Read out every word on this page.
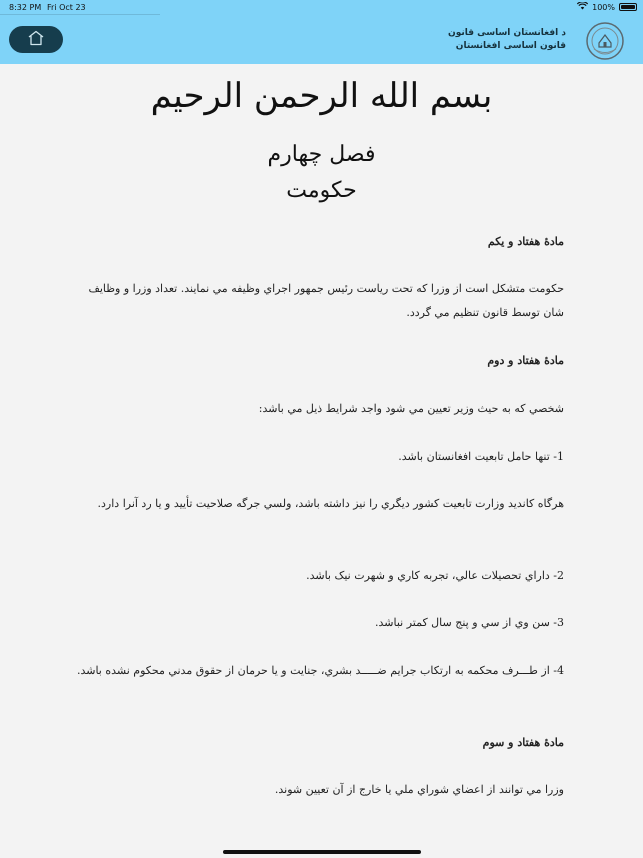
8:32 PM Fri Oct 23	100%
د افغانستان اساسی قانون
قانون اساسی افغانستان
بسم الله الرحمن الرحيم
فصل چهارم
حکومت
مادۀ هفتاد و يکم
حکومت متشکل است از وزرا که تحت رياست رئيس جمهور اجراي وظيفه مي نمايند. تعداد وزرا و وظايف شان توسط قانون تنظيم مي گردد.
مادۀ هفتاد و دوم
شخصي که به حيث وزير تعيين مي شود واجد شرايط ذيل مي باشد:
1- تنها حامل تابعيت افغانستان باشد.
هرگاه کانديد وزارت تابعيت کشور ديگري را نيز داشته باشد، ولسي جرگه صلاحيت تأييد و يا رد آنرا دارد.
2- داراي تحصيلات عالي، تجربه کاري و شهرت نيک باشد.
3- سن وي از سي و پنج سال کمتر نباشد.
4- از طـــرف محکمه به ارتکاب جرايم ضـــــد بشري، جنايت و يا حرمان از حقوق مدني محکوم نشده باشد.
مادۀ هفتاد و سوم
وزرا مي توانند از اعضاي شوراي ملي يا خارج از آن تعيين شوند.
